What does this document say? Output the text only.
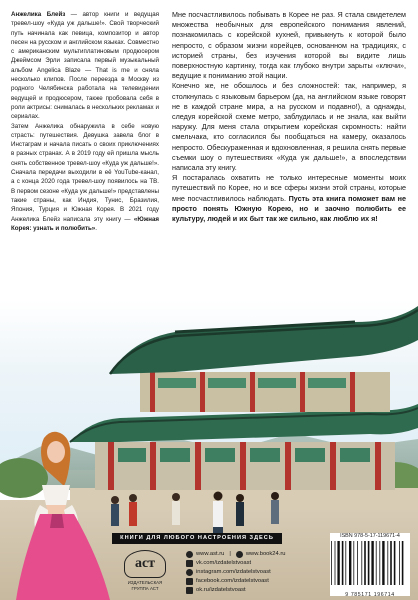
Анжелика Блейз — автор книги и ведущая тревел-шоу «Куда уж дальше!». Свой творческий путь начинала как певица, композитор и автор песен на русском и английском языках. Совместно с американским мультиплатиновым продюсером Джеймсом Эрли записала первый музыкальный альбом Angelica Blaze — That is me и сняла несколько клипов. После переезда в Москву из родного Челябинска работала на телевидении ведущей и продюсером, также пробовала себя в роли актрисы: снималась в нескольких рекламах и сериалах.

Затем Анжелика обнаружила в себе новую страсть: путешествия. Девушка завела блог в Инстаграм и начала писать о своих приключениях в разных странах. А в 2019 году ей пришла мысль снять собственное тревел-шоу «Куда уж дальше!». Сначала передачи выходили в её YouTube-канал, а с конца 2020 года тревел-шоу появилось на ТВ. В первом сезоне «Куда уж дальше!» представлены такие страны, как Индия, Тунис, Бразилия, Япония, Турция и Южная Корея. В 2021 году Анжелика Блейз написала эту книгу — «Южная Корея: узнать и полюбить».

Мне посчастливилось побывать в Корее не раз. Я стала свидетелем множества необычных для европейского понимания явлений, познакомилась с корейской кухней, привыкнуть к которой было непросто, с образом жизни корейцев, основанном на традициях, с историей страны, без изучения которой вы видите лишь поверхностную картинку, тогда как глубоко внутри зарыты «ключи», ведущие к пониманию этой нации.

Конечно же, не обошлось и без сложностей: так, например, я столкнулась с языковым барьером (да, на английском языке говорят не в каждой стране мира, а на русском и подавно!), а однажды, следуя корейской схеме метро, заблудилась и не знала, как выйти наружу. Для меня стала открытием корейская скромность: найти смельчака, кто согласился бы пообщаться на камеру, оказалось непросто. Обескураженная и вдохновленная, я решила снять первые съемки шоу о путешествиях «Куда уж дальше!», а впоследствии написала эту книгу.

Я постаралась охватить не только интересные моменты моих путешествий по Корее, но и все сферы жизни этой страны, которые мне посчастливилось наблюдать. Пусть эта книга поможет вам не просто понять Южную Корею, но и заочно полюбить ее культуру, людей и их быт так же сильно, как люблю их я!

КНИГИ ДЛЯ ЛЮБОГО НАСТРОЕНИЯ ЗДЕСЬ
аст
ИЗДАТЕЛЬСКАЯ ГРУППА АСТ
www.ast.ru |	www.book24.ru
vk.com/izdatelstvoast
instagram.com/izdatelstvoast
facebook.com/izdatelstvoast
ok.ru/izdatelstvoast
ISBN 978-5-17-119671-4
9 785171 196714
